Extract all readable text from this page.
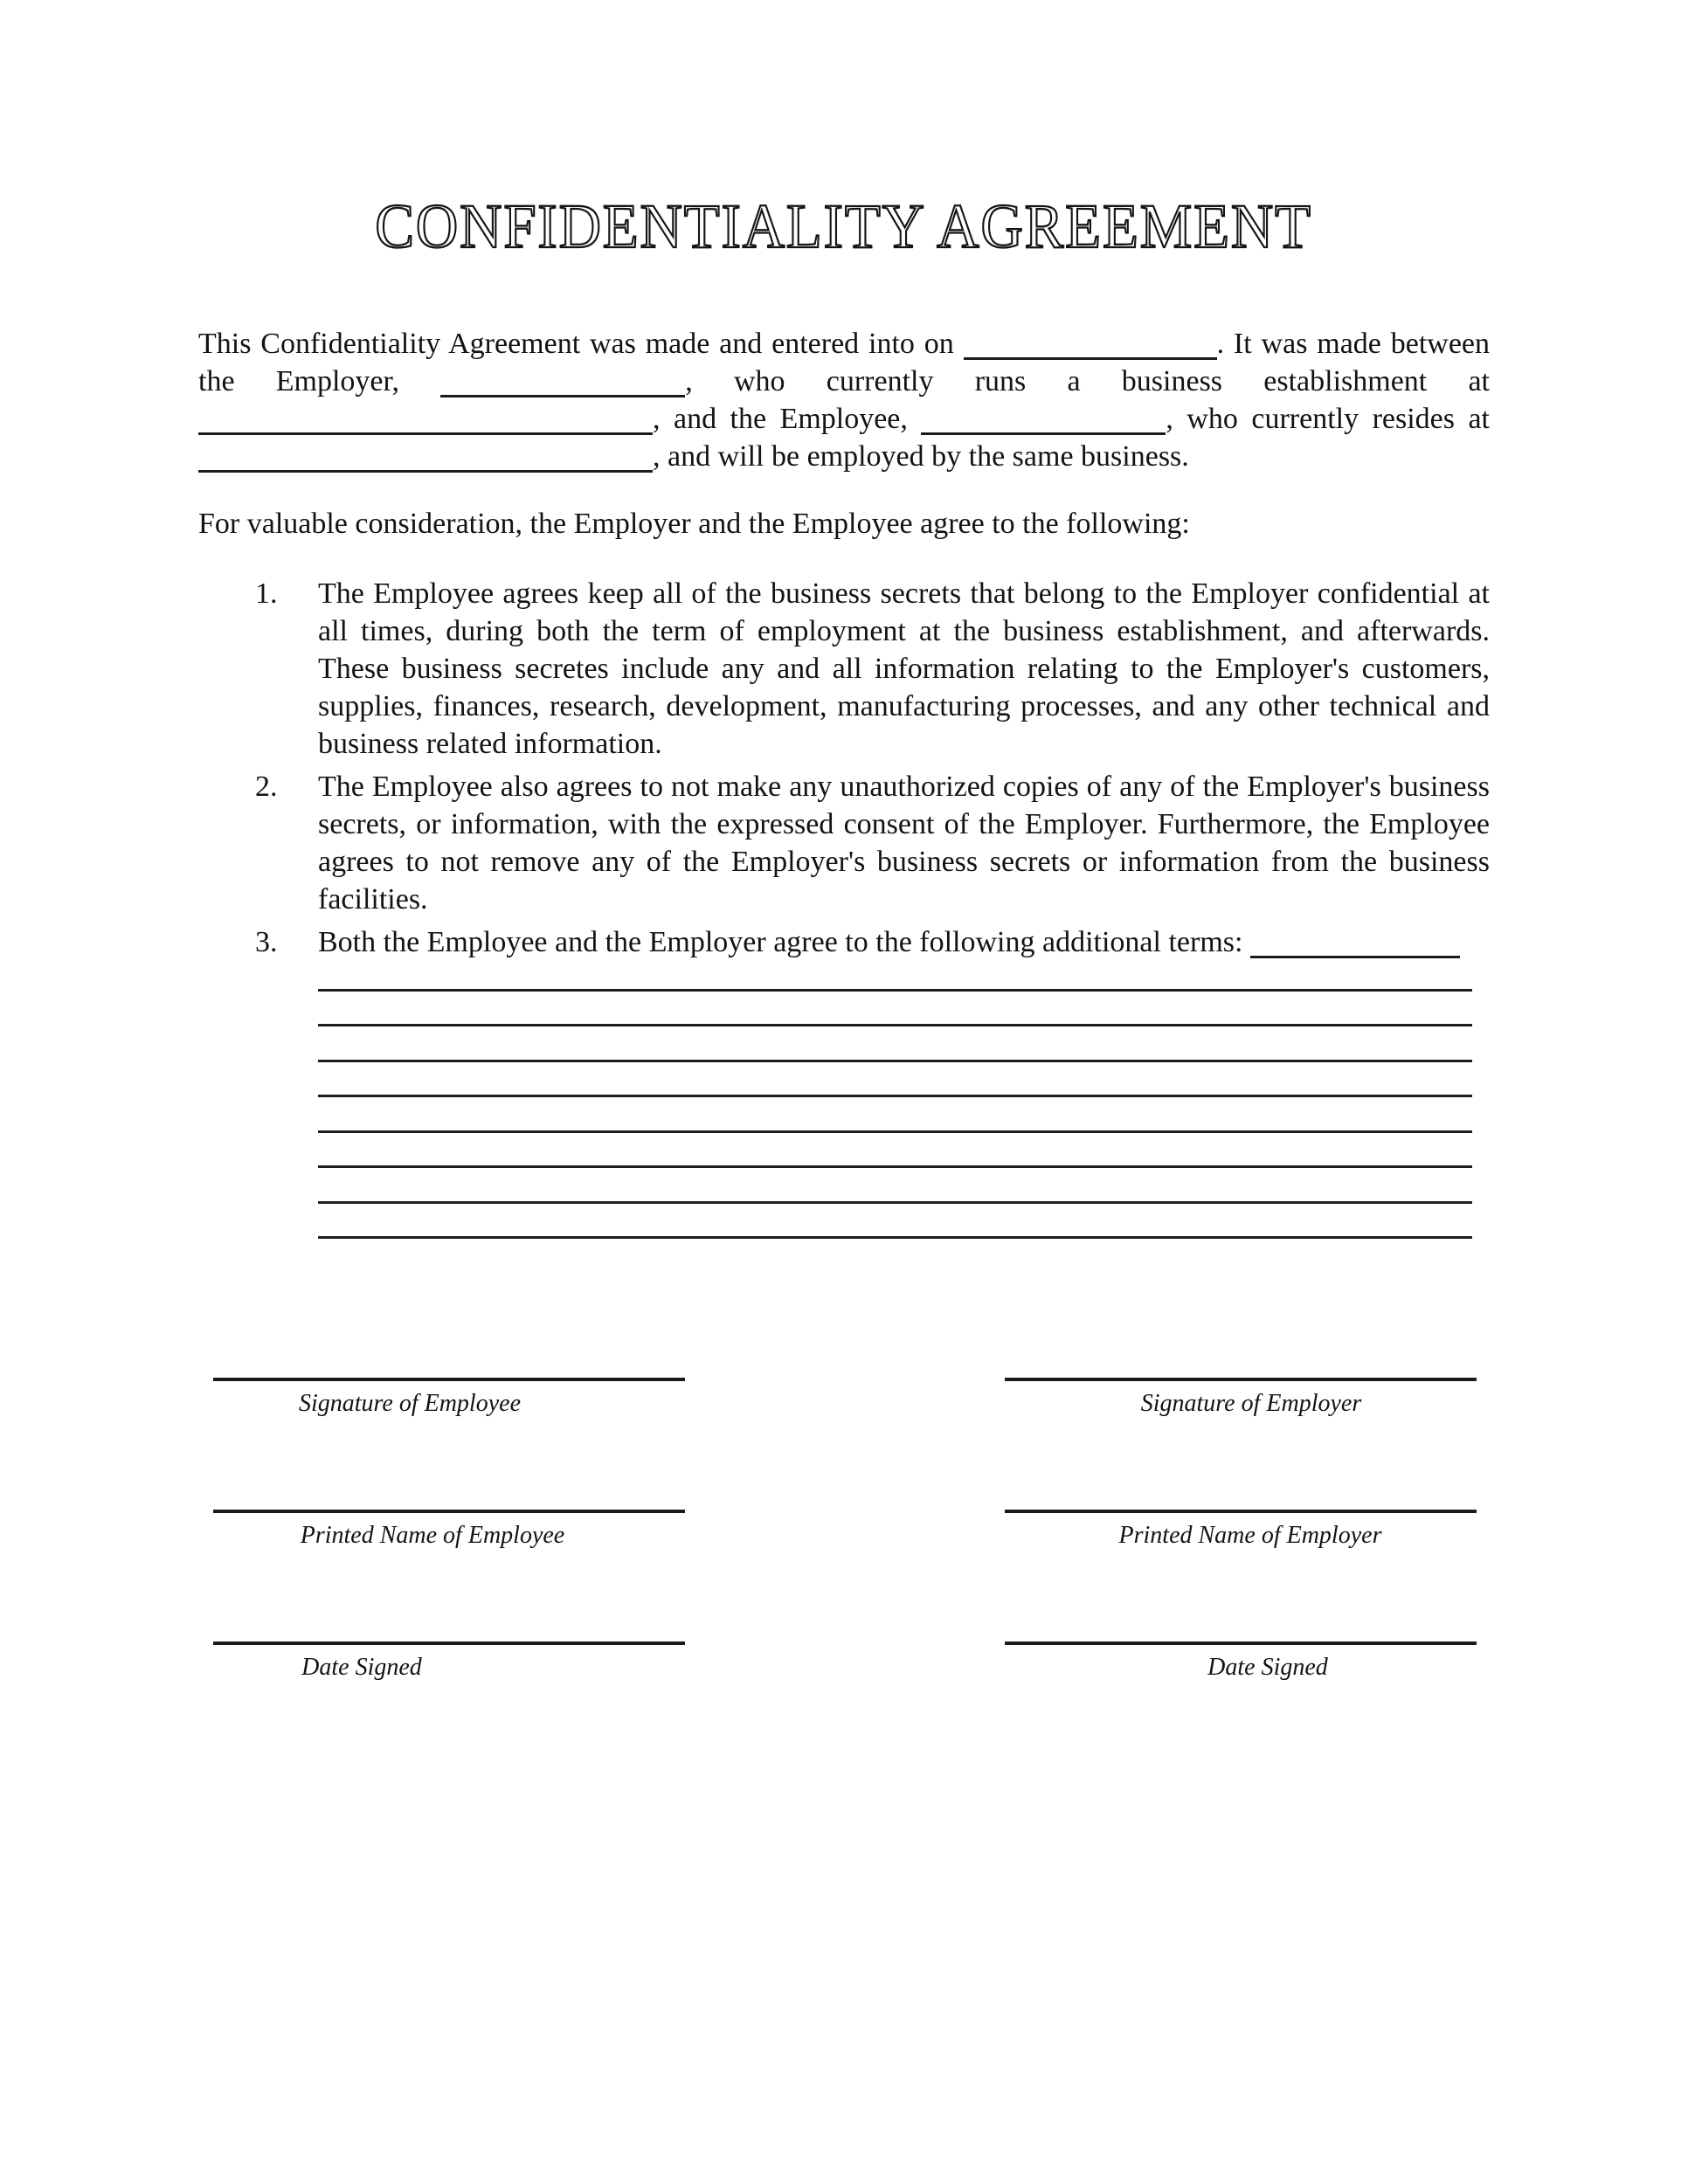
CONFIDENTIALITY AGREEMENT

This Confidentiality Agreement was made and entered into on	. It was made between the Employer,	, who currently runs a business establishment at , and the Employee,	, who currently resides at , and will be employed by the same business.

For valuable consideration, the Employer and the Employee agree to the following:

1.	The Employee agrees keep all of the business secrets that belong to the Employer confidential at all times, during both the term of employment at the business establishment, and afterwards. These business secretes include any and all information relating to the Employer's customers, supplies, finances, research, development, manufacturing processes, and any other technical and business related information.
2.	The Employee also agrees to not make any unauthorized copies of any of the Employer's business secrets, or information, with the expressed consent of the Employer. Furthermore, the Employee agrees to not remove any of the Employer's business secrets or information from the business facilities.
3.	Both the Employee and the Employer agree to the following additional terms:
Signature of Employee
Printed Name of Employee
Date Signed
Signature of Employer
Printed Name of Employer
Date Signed
